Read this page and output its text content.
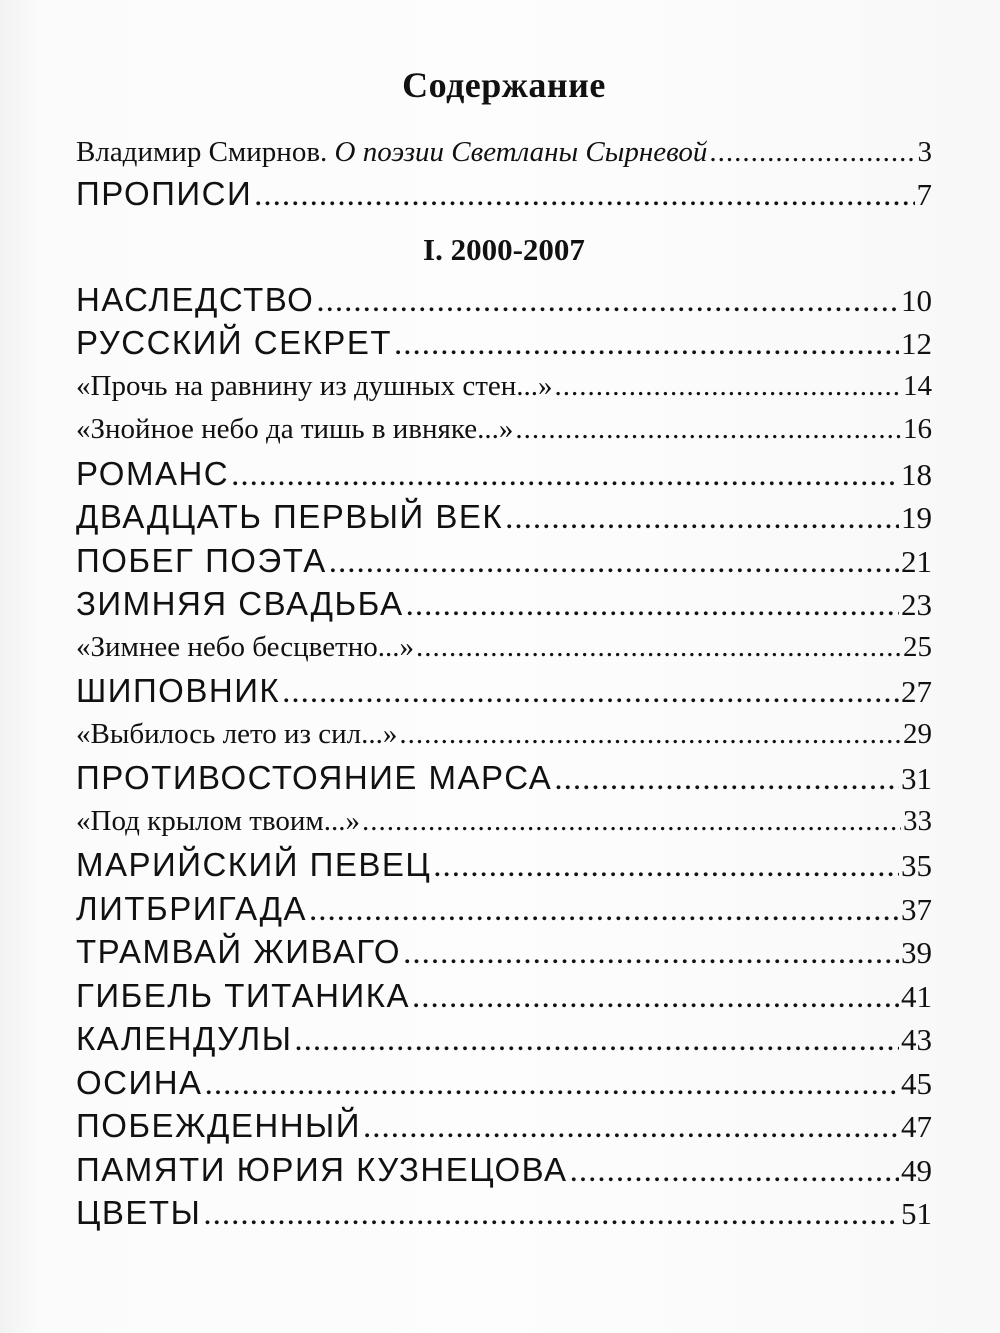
Содержание
Владимир Смирнов. О поэзии Светланы Сырневой .....	3
ПРОПИСИ .....	7
I. 2000-2007
НАСЛЕДСТВО .....	10
РУССКИЙ СЕКРЕТ .....	12
«Прочь на равнину из душных стен...» .....	14
«Знойное небо да тишь в ивняке...» .....	16
РОМАНС .....	18
ДВАДЦАТЬ ПЕРВЫЙ ВЕК .....	19
ПОБЕГ ПОЭТА .....	21
ЗИМНЯЯ СВАДЬБА .....	23
«Зимнее небо бесцветно...» .....	25
ШИПОВНИК .....	27
«Выбилось лето из сил...» .....	29
ПРОТИВОСТОЯНИЕ МАРСА .....	31
«Под крылом твоим...» .....	33
МАРИЙСКИЙ ПЕВЕЦ .....	35
ЛИТБРИГАДА .....	37
ТРАМВАЙ ЖИВАГО .....	39
ГИБЕЛЬ ТИТАНИКА .....	41
КАЛЕНДУЛЫ .....	43
ОСИНА .....	45
ПОБЕЖДЕННЫЙ .....	47
ПАМЯТИ ЮРИЯ КУЗНЕЦОВА .....	49
ЦВЕТЫ .....	51
